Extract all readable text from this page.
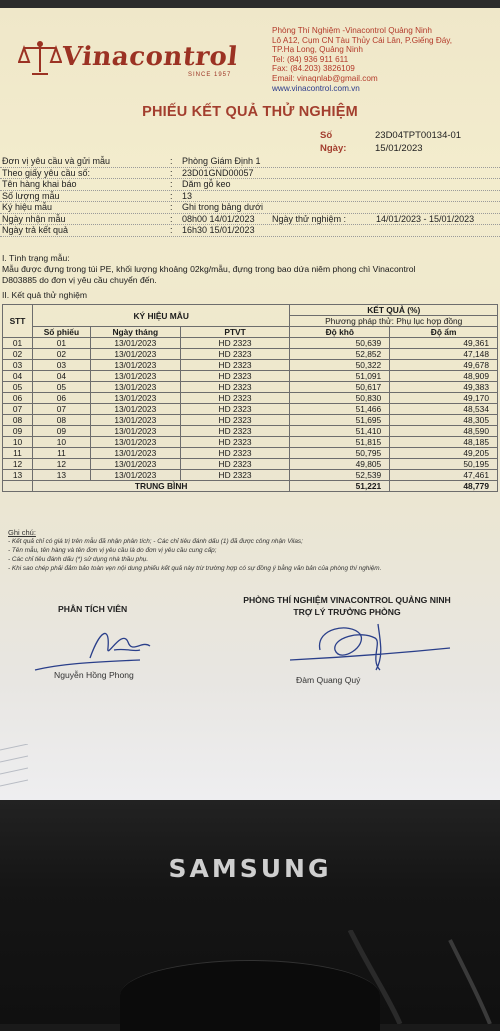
Vinacontrol
SINCE 1957
Phòng Thí Nghiệm -Vinacontrol Quảng Ninh
Lô A12, Cụm CN Tàu Thủy Cái Lân, P.Giếng Đáy,
TP.Hạ Long, Quảng Ninh
Tel: (84) 936 911 611
Fax: (84.203) 3826109
Email: vinaqnlab@gmail.com
www.vinacontrol.com.vn
PHIẾU KẾT QUẢ THỬ NGHIỆM
Số	23D04TPT00134-01
Ngày:	15/01/2023
Đơn vị yêu cầu và gửi mẫu	: Phòng Giám Định 1
Theo giấy yêu cầu số:	: 23D01GND00057
Tên hàng khai báo	: Dăm gỗ keo
Số lượng mẫu	: 13
Ký hiệu mẫu	: Ghi trong bảng dưới
Ngày nhận mẫu	: 08h00 14/01/2023 Ngày thử nghiệm :	14/01/2023 - 15/01/2023
Ngày trả kết quả	: 16h30 15/01/2023
I. Tình trạng mẫu:
Mẫu được đựng trong túi PE, khối lượng khoảng 02kg/mẫu, đựng trong bao dứa niêm phong chì Vinacontrol
D803885 do đơn vị yêu cầu chuyển đến.
II. Kết quả thử nghiệm
STT	KÝ HIỆU MẪU			KẾT QUẢ (%)	
				Phương pháp thử: Phụ lục hợp đồng	
	Số phiếu	Ngày tháng	PTVT	Độ khô	Độ ẩm
01	01	13/01/2023	HD 2323	50,639	49,361
02	02	13/01/2023	HD 2323	52,852	47,148
03	03	13/01/2023	HD 2323	50,322	49,678
04	04	13/01/2023	HD 2323	51,091	48,909
05	05	13/01/2023	HD 2323	50,617	49,383
06	06	13/01/2023	HD 2323	50,830	49,170
07	07	13/01/2023	HD 2323	51,466	48,534
08	08	13/01/2023	HD 2323	51,695	48,305
09	09	13/01/2023	HD 2323	51,410	48,590
10	10	13/01/2023	HD 2323	51,815	48,185
11	11	13/01/2023	HD 2323	50,795	49,205
12	12	13/01/2023	HD 2323	49,805	50,195
13	13	13/01/2023	HD 2323	52,539	47,461
	TRUNG BÌNH			51,221	48,779
Ghi chú:
- Kết quả chỉ có giá trị trên mẫu đã nhận phân tích; - Các chỉ tiêu đánh dấu (1) đã được công nhận Vilas;
- Tên mẫu, tên hàng và tên đơn vị yêu cầu là do đơn vị yêu cầu cung cấp;
- Các chỉ tiêu đánh dấu (*) sử dụng nhà thầu phụ.
- Khi sao chép phải đảm bảo toàn vẹn nội dung phiếu kết quả này trừ trường hợp có sự đồng ý bằng văn bản của phòng thí nghiệm.
PHÂN TÍCH VIÊN
PHÒNG THÍ NGHIỆM VINACONTROL QUẢNG NINH
TRỢ LÝ TRƯỞNG PHÒNG
Nguyễn Hồng Phong	Đàm Quang Quý
SAMSUNG
